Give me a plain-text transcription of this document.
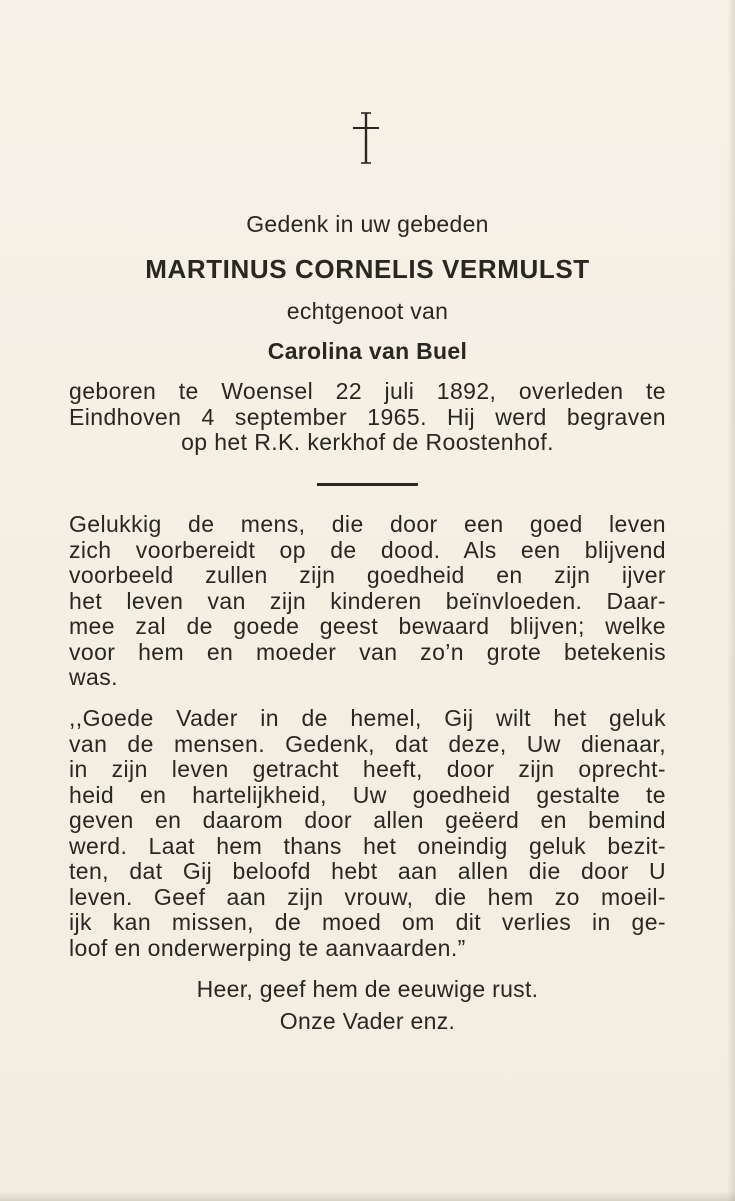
Gedenk in uw gebeden
MARTINUS CORNELIS VERMULST
echtgenoot van
Carolina van Buel
geboren te Woensel 22 juli 1892, overleden te
Eindhoven 4 september 1965. Hij werd begraven
op het R.K. kerkhof de Roostenhof.
Gelukkig de mens, die door een goed leven
zich voorbereidt op de dood. Als een blijvend
voorbeeld zullen zijn goedheid en zijn ijver
het leven van zijn kinderen beïnvloeden. Daar-
mee zal de goede geest bewaard blijven; welke
voor hem en moeder van zo’n grote betekenis
was.
,,Goede Vader in de hemel, Gij wilt het geluk
van de mensen. Gedenk, dat deze, Uw dienaar,
in zijn leven getracht heeft, door zijn oprecht-
heid en hartelijkheid, Uw goedheid gestalte te
geven en daarom door allen geëerd en bemind
werd. Laat hem thans het oneindig geluk bezit-
ten, dat Gij beloofd hebt aan allen die door U
leven. Geef aan zijn vrouw, die hem zo moeil-
ijk kan missen, de moed om dit verlies in ge-
loof en onderwerping te aanvaarden.”
Heer, geef hem de eeuwige rust.
Onze Vader enz.
